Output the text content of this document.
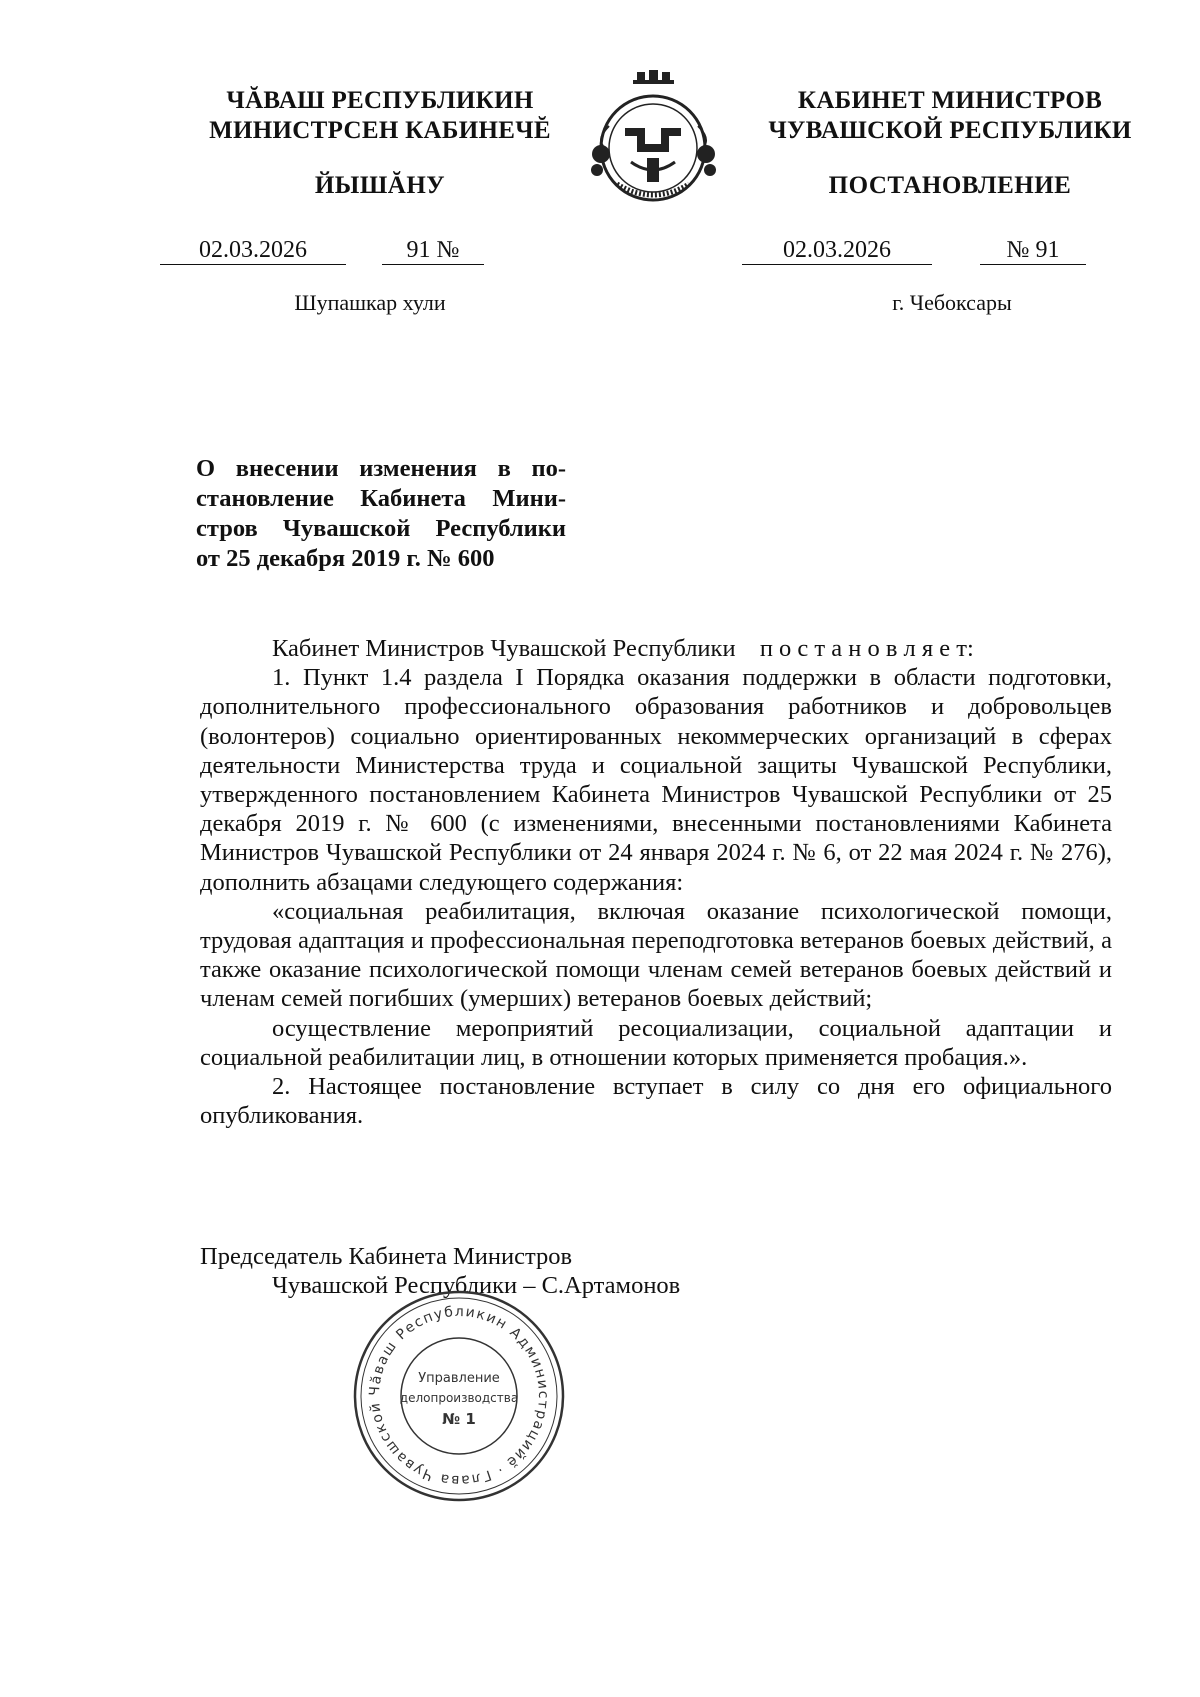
ЧĂВАШ РЕСПУБЛИКИН
МИНИСТРСЕН КАБИНЕЧĔ
ЙЫШĂНУ
КАБИНЕТ МИНИСТРОВ
ЧУВАШСКОЙ РЕСПУБЛИКИ
ПОСТАНОВЛЕНИЕ
02.03.2026	91 №	02.03.2026	№ 91
Шупашкар хули	г. Чебоксары
О внесении изменения в по-
становление Кабинета Мини-
стров Чувашской Республики
от 25 декабря 2019 г. № 600

Кабинет Министров Чувашской Республики п о с т а н о в л я е т:

1. Пункт 1.4 раздела I Порядка оказания поддержки в области подготовки, дополнительного профессионального образования работников и добровольцев (волонтеров) социально ориентированных некоммерческих организаций в сферах деятельности Министерства труда и социальной защиты Чувашской Республики, утвержденного постановлением Кабинета Министров Чувашской Республики от 25 декабря 2019 г. № 600 (с изменениями, внесенными постановлениями Кабинета Министров Чувашской Республики от 24 января 2024 г. № 6, от 22 мая 2024 г. № 276), дополнить абзацами следующего содержания:

«социальная реабилитация, включая оказание психологической помощи, трудовая адаптация и профессиональная переподготовка ветеранов боевых действий, а также оказание психологической помощи членам семей ветеранов боевых действий и членам семей погибших (умерших) ветеранов боевых действий;

осуществление мероприятий ресоциализации, социальной адаптации и социальной реабилитации лиц, в отношении которых применяется пробация.».

2. Настоящее постановление вступает в силу со дня его официального опубликования.

Председатель Кабинета Министров
Чувашской Республики – С.Артамонов
Чăваш Республикин Администрацийĕ · Глава Чувашской
Управление
делопроизводства
№ 1
